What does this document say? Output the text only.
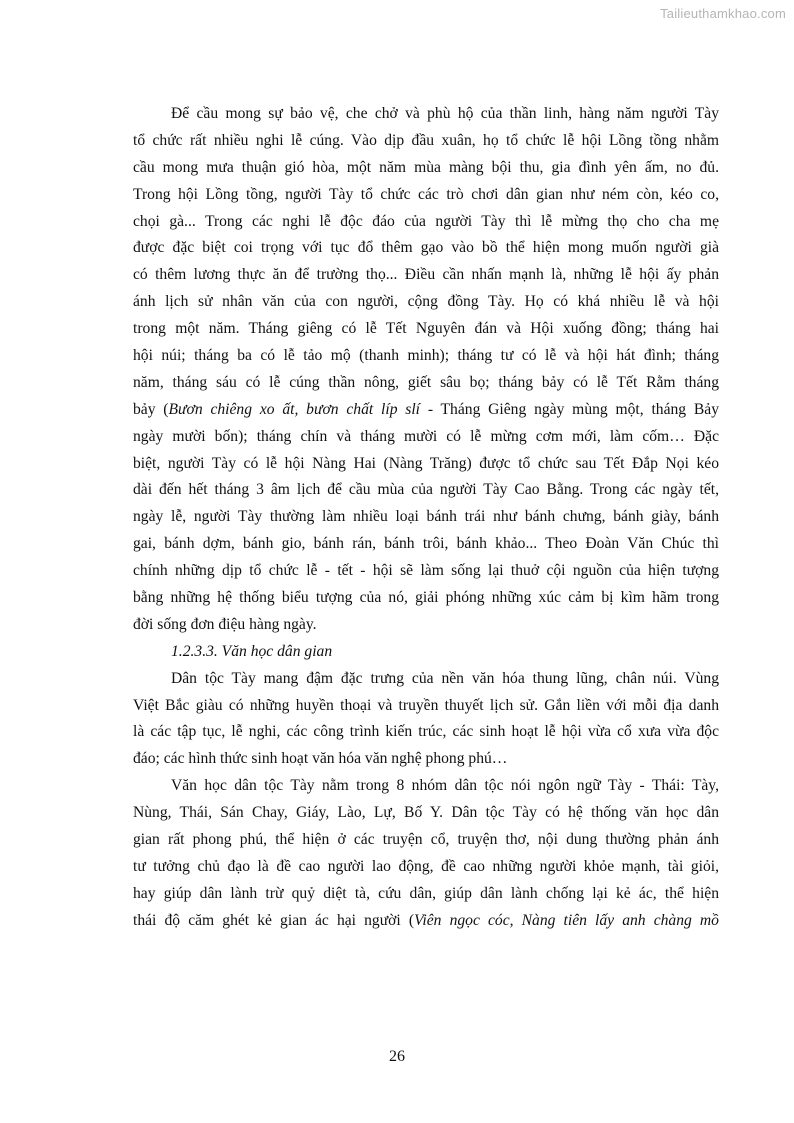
Tailieuthamkhao.com
Để cầu mong sự bảo vệ, che chở và phù hộ của thần linh, hàng năm người Tày
tổ chức rất nhiều nghi lễ cúng. Vào dịp đầu xuân, họ tổ chức lễ hội Lồng tồng nhằm
cầu mong mưa thuận gió hòa, một năm mùa màng bội thu, gia đình yên ấm, no đủ.
Trong hội Lồng tồng, người Tày tổ chức các trò chơi dân gian như ném còn, kéo co,
chọi gà... Trong các nghi lễ độc đáo của người Tày thì lễ mừng thọ cho cha mẹ
được đặc biệt coi trọng với tục đổ thêm gạo vào bồ thể hiện mong muốn người già
có thêm lương thực ăn để trường thọ... Điều cần nhấn mạnh là, những lễ hội ấy phản
ánh lịch sử nhân văn của con người, cộng đồng Tày. Họ có khá nhiều lễ và hội
trong một năm. Tháng giêng có lễ Tết Nguyên đán và Hội xuống đồng; tháng hai
hội núi; tháng ba có lễ tảo mộ (thanh minh); tháng tư có lễ và hội hát đình; tháng
năm, tháng sáu có lễ cúng thần nông, giết sâu bọ; tháng bảy có lễ Tết Rằm tháng
bảy (Bươn chiêng xo ất, bươn chất líp slí - Tháng Giêng ngày mùng một, tháng Bảy
ngày mười bốn); tháng chín và tháng mười có lễ mừng cơm mới, làm cốm… Đặc
biệt, người Tày có lễ hội Nàng Hai (Nàng Trăng) được tổ chức sau Tết Đắp Nọi kéo
dài đến hết tháng 3 âm lịch để cầu mùa của người Tày Cao Bằng. Trong các ngày tết,
ngày lễ, người Tày thường làm nhiều loại bánh trái như bánh chưng, bánh giày, bánh
gai, bánh dợm, bánh gio, bánh rán, bánh trôi, bánh khảo... Theo Đoàn Văn Chúc thì
chính những dịp tổ chức lễ - tết - hội sẽ làm sống lại thuở cội nguồn của hiện tượng
bằng những hệ thống biểu tượng của nó, giải phóng những xúc cảm bị kìm hãm trong
đời sống đơn điệu hàng ngày.
1.2.3.3. Văn học dân gian
Dân tộc Tày mang đậm đặc trưng của nền văn hóa thung lũng, chân núi. Vùng
Việt Bắc giàu có những huyền thoại và truyền thuyết lịch sử. Gắn liền với mỗi địa danh
là các tập tục, lễ nghi, các công trình kiến trúc, các sinh hoạt lễ hội vừa cổ xưa vừa độc
đáo; các hình thức sinh hoạt văn hóa văn nghệ phong phú…
Văn học dân tộc Tày nằm trong 8 nhóm dân tộc nói ngôn ngữ Tày - Thái: Tày,
Nùng, Thái, Sán Chay, Giáy, Lào, Lự, Bố Y. Dân tộc Tày có hệ thống văn học dân
gian rất phong phú, thể hiện ở các truyện cổ, truyện thơ, nội dung thường phản ánh
tư tưởng chủ đạo là đề cao người lao động, đề cao những người khỏe mạnh, tài giỏi,
hay giúp dân lành trừ quỷ diệt tà, cứu dân, giúp dân lành chống lại kẻ ác, thể hiện
thái độ căm ghét kẻ gian ác hại người (Viên ngọc cóc, Nàng tiên lấy anh chàng mồ
26
